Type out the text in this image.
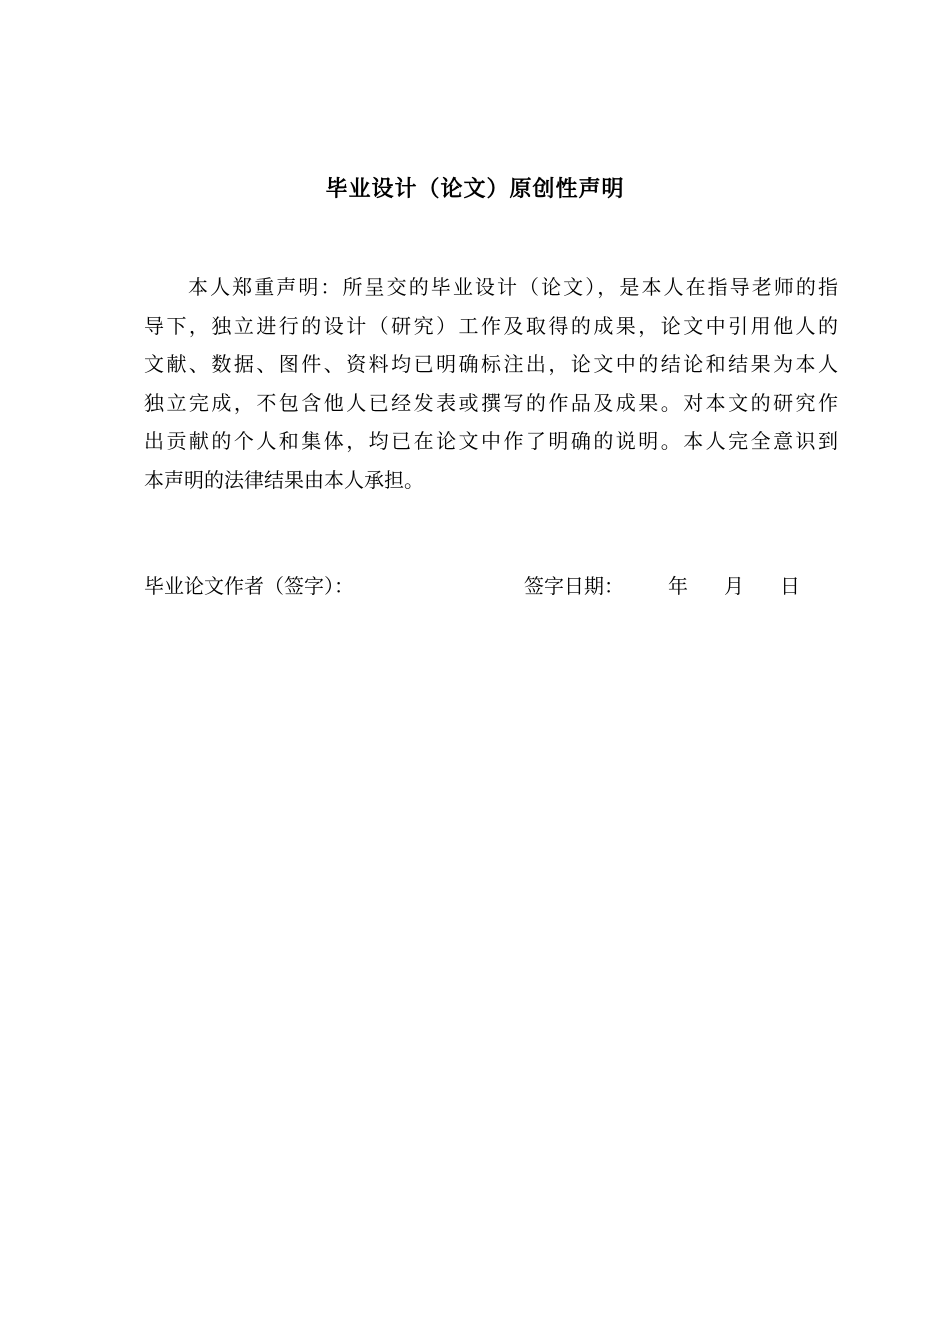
毕业设计（论文）原创性声明
本人郑重声明：所呈交的毕业设计（论文），是本人在指导老师的指
导下，独立进行的设计（研究）工作及取得的成果，论文中引用他人的
文献、数据、图件、资料均已明确标注出，论文中的结论和结果为本人
独立完成，不包含他人已经发表或撰写的作品及成果。对本文的研究作
出贡献的个人和集体，均已在论文中作了明确的说明。本人完全意识到
本声明的法律结果由本人承担。
毕业论文作者（签字）：	签字日期： 年 月 日
